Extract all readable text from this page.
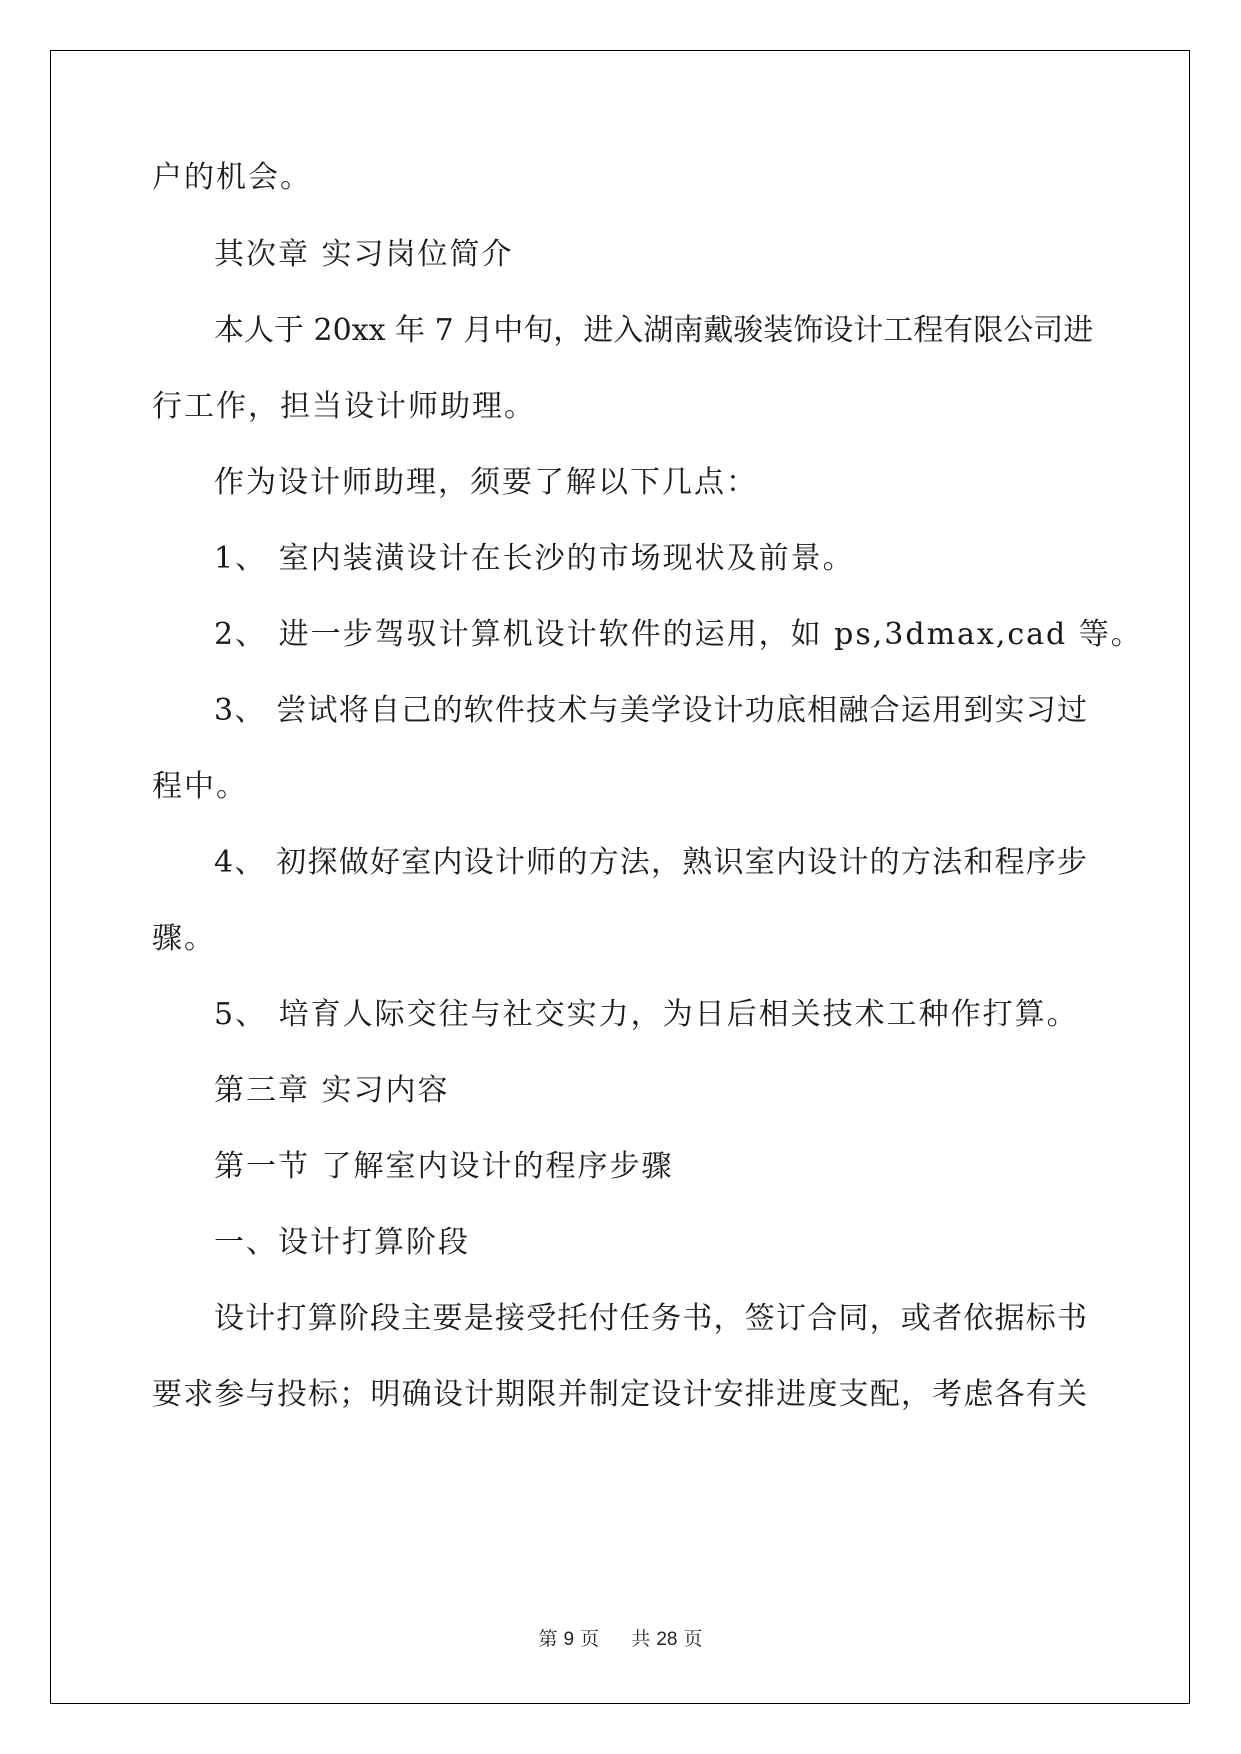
户的机会。
其次章 实习岗位简介
本人于 20xx 年 7 月中旬，进入湖南戴骏装饰设计工程有限公司进
行工作，担当设计师助理。
作为设计师助理，须要了解以下几点：
1、 室内装潢设计在长沙的市场现状及前景。
2、 进一步驾驭计算机设计软件的运用，如 ps,3dmax,cad 等。
3、 尝试将自己的软件技术与美学设计功底相融合运用到实习过
程中。
4、 初探做好室内设计师的方法，熟识室内设计的方法和程序步
骤。
5、 培育人际交往与社交实力，为日后相关技术工种作打算。
第三章 实习内容
第一节 了解室内设计的程序步骤
一、设计打算阶段
设计打算阶段主要是接受托付任务书，签订合同，或者依据标书
要求参与投标；明确设计期限并制定设计安排进度支配，考虑各有关
第 9 页 共 28 页
